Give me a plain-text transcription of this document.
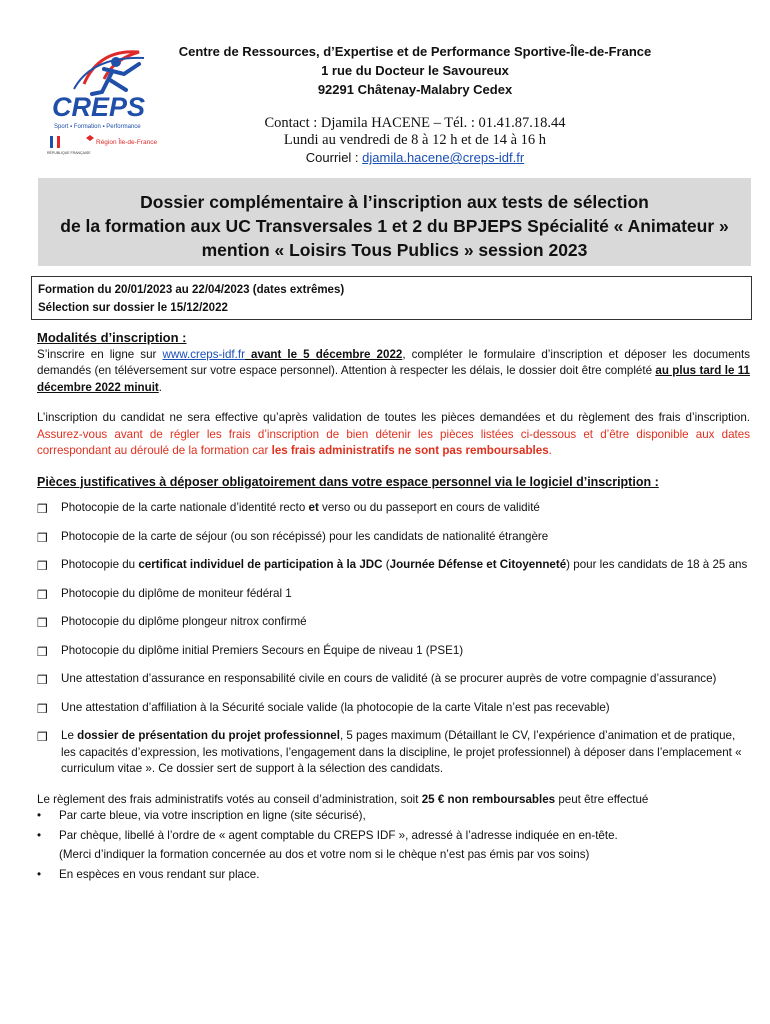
CREPS
Sport ▪ Formation ▪ Performance
RÉPUBLIQUE FRANÇAISE
Région Île-de-France
Centre de Ressources, d’Expertise et de Performance Sportive-Île-de-France
1 rue du Docteur le Savoureux
92291 Châtenay-Malabry Cedex
Contact : Djamila HACENE – Tél. : 01.41.87.18.44
Lundi au vendredi de 8 à 12 h et de 14 à 16 h
Courriel : djamila.hacene@creps-idf.fr
Dossier complémentaire à l’inscription aux tests de sélection
de la formation aux UC Transversales 1 et 2 du BPJEPS Spécialité « Animateur »
mention « Loisirs Tous Publics » session 2023
Formation du 20/01/2023 au 22/04/2023 (dates extrêmes)
Sélection sur dossier le 15/12/2022
Modalités d’inscription :

S’inscrire en ligne sur www.creps-idf.fr avant le 5 décembre 2022, compléter le formulaire d’inscription et déposer les documents demandés (en téléversement sur votre espace personnel). Attention à respecter les délais, le dossier doit être complété au plus tard le 11 décembre 2022 minuit.

L’inscription du candidat ne sera effective qu’après validation de toutes les pièces demandées et du règlement des frais d’inscription. Assurez-vous avant de régler les frais d’inscription de bien détenir les pièces listées ci-dessous et d’être disponible aux dates correspondant au déroulé de la formation car les frais administratifs ne sont pas remboursables.

Pièces justificatives à déposer obligatoirement dans votre espace personnel via le logiciel d’inscription :
❒ Photocopie de la carte nationale d’identité recto et verso ou du passeport en cours de validité
❒ Photocopie de la carte de séjour (ou son récépissé) pour les candidats de nationalité étrangère
❒ Photocopie du certificat individuel de participation à la JDC (Journée Défense et Citoyenneté) pour les candidats de 18 à 25 ans
❒ Photocopie du diplôme de moniteur fédéral 1
❒ Photocopie du diplôme plongeur nitrox confirmé
❒ Photocopie du diplôme initial Premiers Secours en Équipe de niveau 1 (PSE1)
❒ Une attestation d’assurance en responsabilité civile en cours de validité (à se procurer auprès de votre compagnie d’assurance)
❒ Une attestation d’affiliation à la Sécurité sociale valide (la photocopie de la carte Vitale n’est pas recevable)
❒ Le dossier de présentation du projet professionnel, 5 pages maximum (Détaillant le CV, l’expérience d’animation et de pratique, les capacités d’expression, les motivations, l’engagement dans la discipline, le projet professionnel) à déposer dans l’emplacement « curriculum vitae ». Ce dossier sert de support à la sélection des candidats.

Le règlement des frais administratifs votés au conseil d’administration, soit 25 € non remboursables peut être effectué

• Par carte bleue, via votre inscription en ligne (site sécurisé),
• Par chèque, libellé à l’ordre de « agent comptable du CREPS IDF », adressé à l’adresse indiquée en en-tête.
(Merci d’indiquer la formation concernée au dos et votre nom si le chèque n’est pas émis par vos soins)
• En espèces en vous rendant sur place.
